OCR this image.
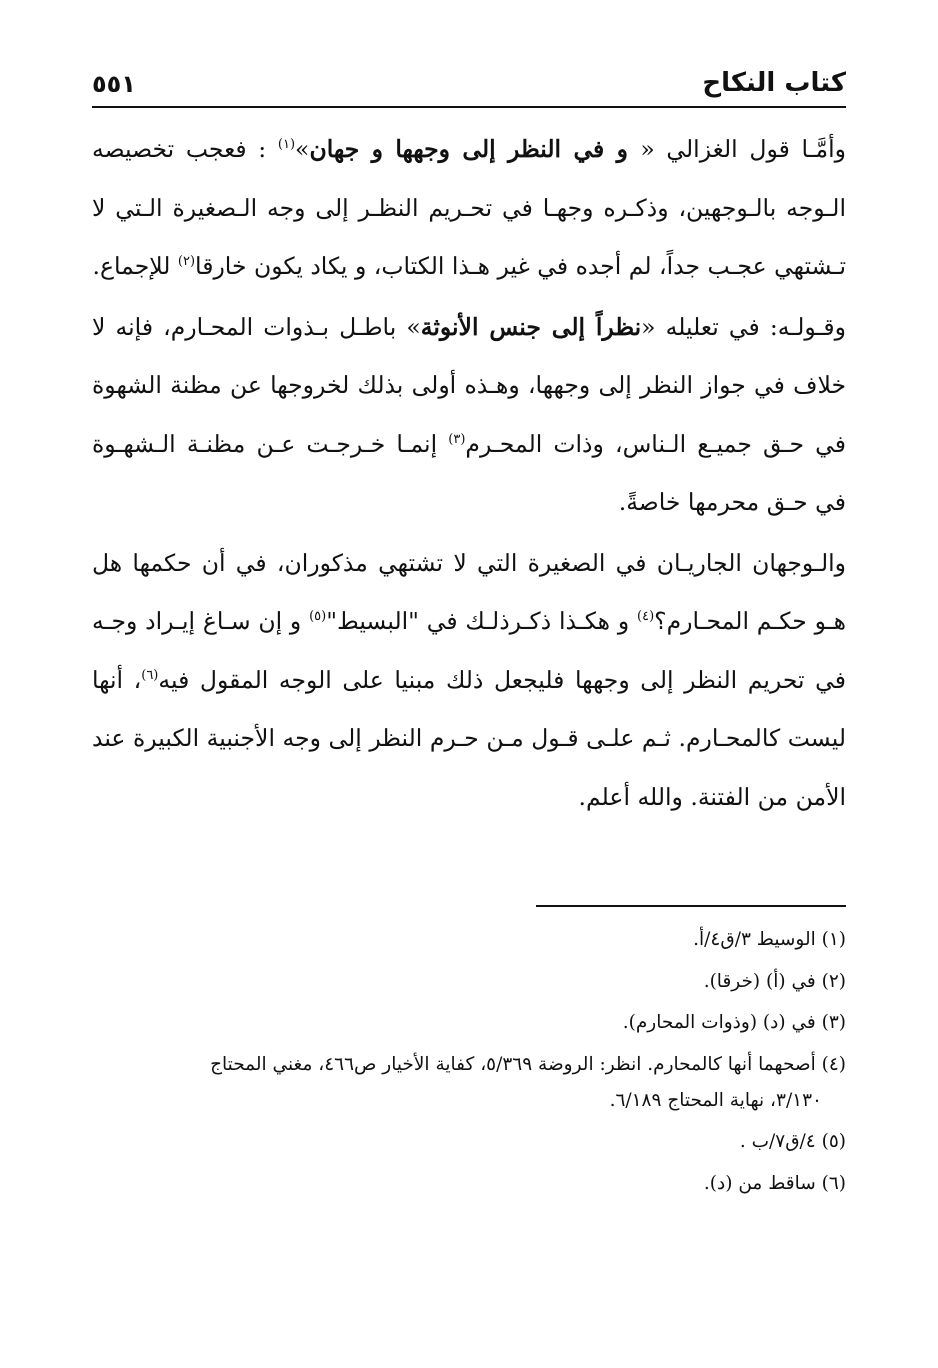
كتاب النكاح
٥٥١

وأمَّـا قول الغزالي « و في النظر إلى وجهها و جهان»$^{(١)}$ : فعجب تخصيصه الـوجه بالـوجهين، وذكـره وجهـا في تحـريم النظـر إلى وجه الـصغيرة الـتي لا تـشتهي عجـب جداً، لم أجده في غير هـذا الكتاب، و يكاد يكون خارقا$^{(٢)}$ للإجماع.

وقـولـه: في تعليله «نظراً إلى جنس الأنوثة» باطـل بـذوات المحـارم، فإنه لا خلاف في جواز النظر إلى وجهها، وهـذه أولى بذلك لخروجها عن مظنة الشهوة في حـق جميـع الـناس، وذات المحـرم$^{(٣)}$ إنمـا خـرجـت عـن مظنـة الـشهـوة في حـق محرمها خاصةً.

والـوجهان الجاريـان في الصغيرة التي لا تشتهي مذكوران، في أن حكمها هل هـو حكـم المحـارم؟$^{(٤)}$ و هكـذا ذكـرذلـك في "البسيط"$^{(٥)}$ و إن سـاغ إيـراد وجـه في تحريم النظر إلى وجهها فليجعل ذلك مبنيا على الوجه المقول فيه$^{(٦)}$، أنها ليست كالمحـارم. ثـم علـى قـول مـن حـرم النظر إلى وجه الأجنبية الكبيرة عند الأمن من الفتنة. والله أعلم.

(١) الوسيط ٣/ق٤/أ.
(٢) في (أ) (خرقا).
(٣) في (د) (وذوات المحارم).
(٤) أصحهما أنها كالمحارم. انظر: الروضة ٥/٣٦٩، كفاية الأخيار ص٤٦٦، مغني المحتاج
٣/١٣٠، نهاية المحتاج ٦/١٨٩.
(٥) ٤/ق٧/ب .
(٦) ساقط من (د).
